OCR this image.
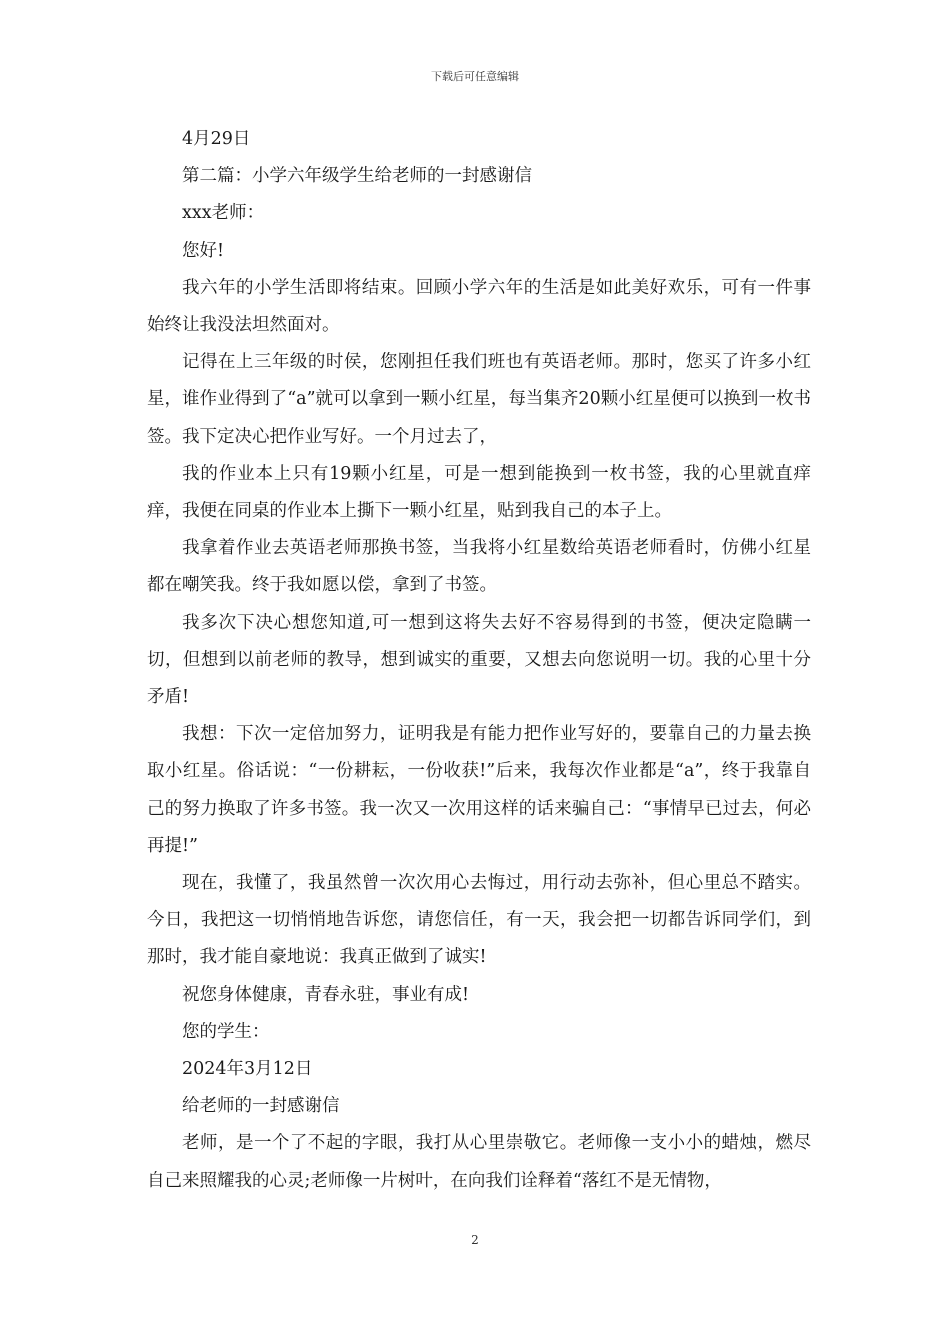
下载后可任意编辑

4月29日

第二篇：小学六年级学生给老师的一封感谢信

xxx老师：

您好!

我六年的小学生活即将结束。回顾小学六年的生活是如此美好欢乐，可有一件事始终让我没法坦然面对。

记得在上三年级的时侯，您刚担任我们班也有英语老师。那时，您买了许多小红星，谁作业得到了“a”就可以拿到一颗小红星，每当集齐20颗小红星便可以换到一枚书签。我下定决心把作业写好。一个月过去了，

我的作业本上只有19颗小红星，可是一想到能换到一枚书签，我的心里就直痒痒，我便在同桌的作业本上撕下一颗小红星，贴到我自己的本子上。

我拿着作业去英语老师那换书签，当我将小红星数给英语老师看时，仿佛小红星都在嘲笑我。终于我如愿以偿，拿到了书签。

我多次下决心想您知道,可一想到这将失去好不容易得到的书签，便决定隐瞒一切，但想到以前老师的教导，想到诚实的重要，又想去向您说明一切。我的心里十分矛盾!

我想：下次一定倍加努力，证明我是有能力把作业写好的，要靠自己的力量去换取小红星。俗话说：“一份耕耘，一份收获!”后来，我每次作业都是“a”，终于我靠自己的努力换取了许多书签。我一次又一次用这样的话来骗自己：“事情早已过去，何必再提!”

现在，我懂了，我虽然曾一次次用心去悔过，用行动去弥补，但心里总不踏实。今日，我把这一切悄悄地告诉您，请您信任，有一天，我会把一切都告诉同学们，到那时，我才能自豪地说：我真正做到了诚实!

祝您身体健康，青春永驻，事业有成!

您的学生：

2024年3月12日

给老师的一封感谢信

老师，是一个了不起的字眼，我打从心里崇敬它。老师像一支小小的蜡烛，燃尽自己来照耀我的心灵;老师像一片树叶，在向我们诠释着“落红不是无情物，

2
